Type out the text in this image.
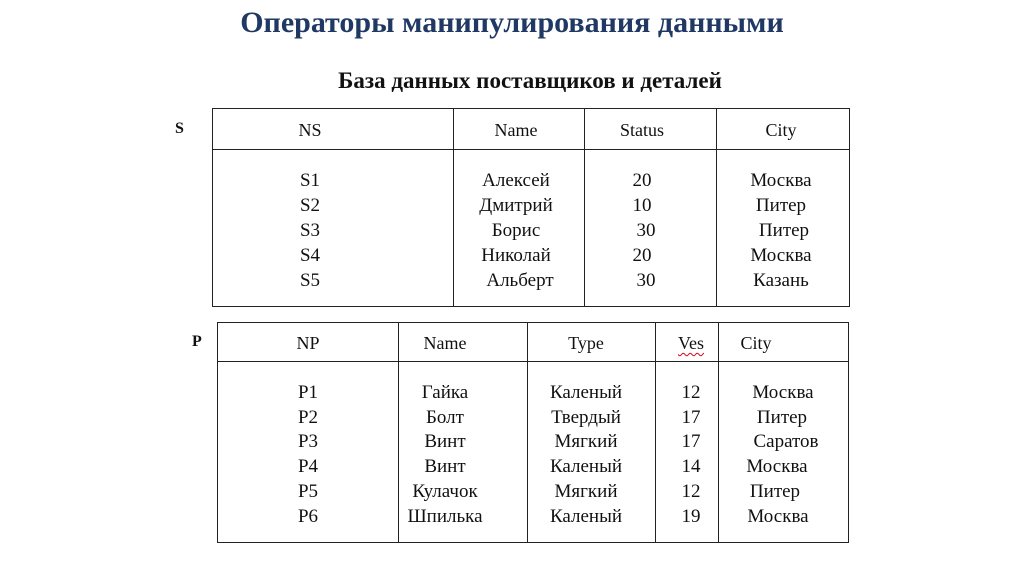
Операторы манипулирования данными
База данных поставщиков и деталей
S	NS	Name	Status	City
S1	Алексей	20	Москва
S2	Дмитрий	10	Питер
S3	Борис	30	Питер
S4	Николай	20	Москва
S5	Альберт	30	Казань
P	NP	Name	Type	Ves City
P1	Гайка	Каленый	12	Москва
P2	Болт	Твердый	17	Питер
P3	Винт	Мягкий	17	Саратов
P4	Винт	Каленый	14 Москва
P5	Кулачок	Мягкий	12	Питер
P6	Шпилька	Каленый	19 Москва
